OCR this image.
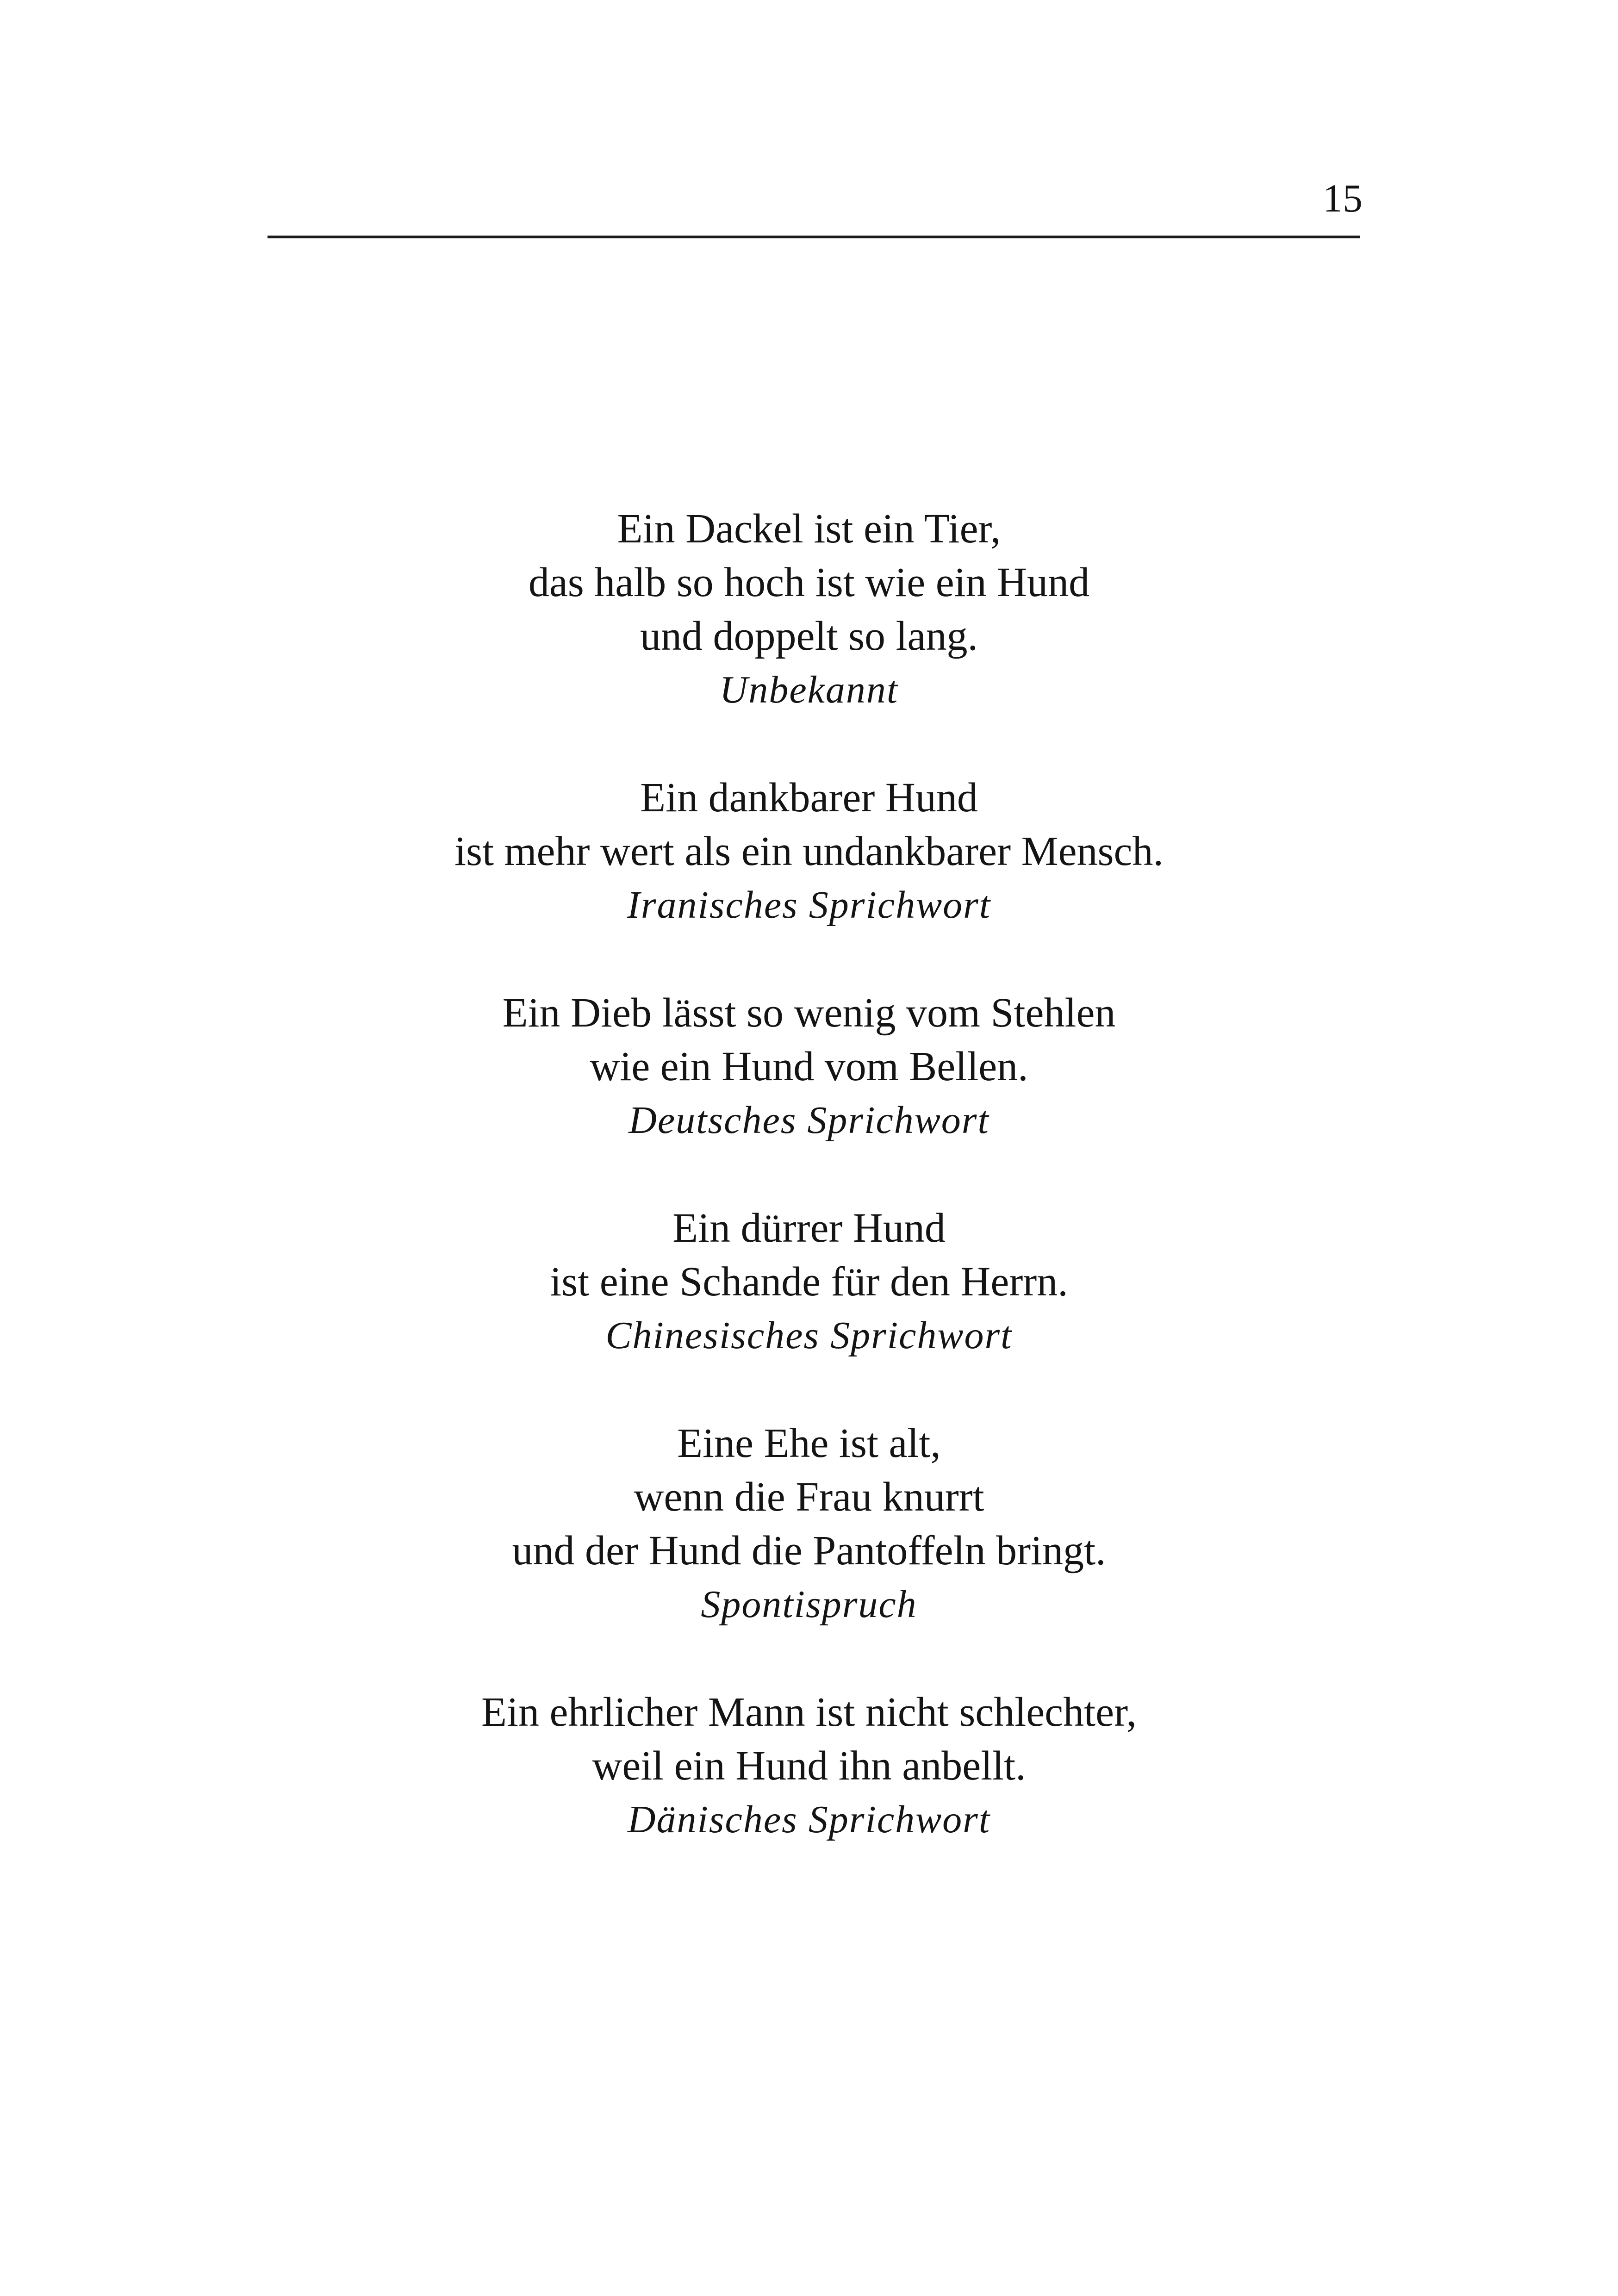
15
Ein Dackel ist ein Tier,
das halb so hoch ist wie ein Hund
und doppelt so lang.
Unbekannt
Ein dankbarer Hund
ist mehr wert als ein undankbarer Mensch.
Iranisches Sprichwort
Ein Dieb lässt so wenig vom Stehlen
wie ein Hund vom Bellen.
Deutsches Sprichwort
Ein dürrer Hund
ist eine Schande für den Herrn.
Chinesisches Sprichwort
Eine Ehe ist alt,
wenn die Frau knurrt
und der Hund die Pantoffeln bringt.
Spontispruch
Ein ehrlicher Mann ist nicht schlechter,
weil ein Hund ihn anbellt.
Dänisches Sprichwort
